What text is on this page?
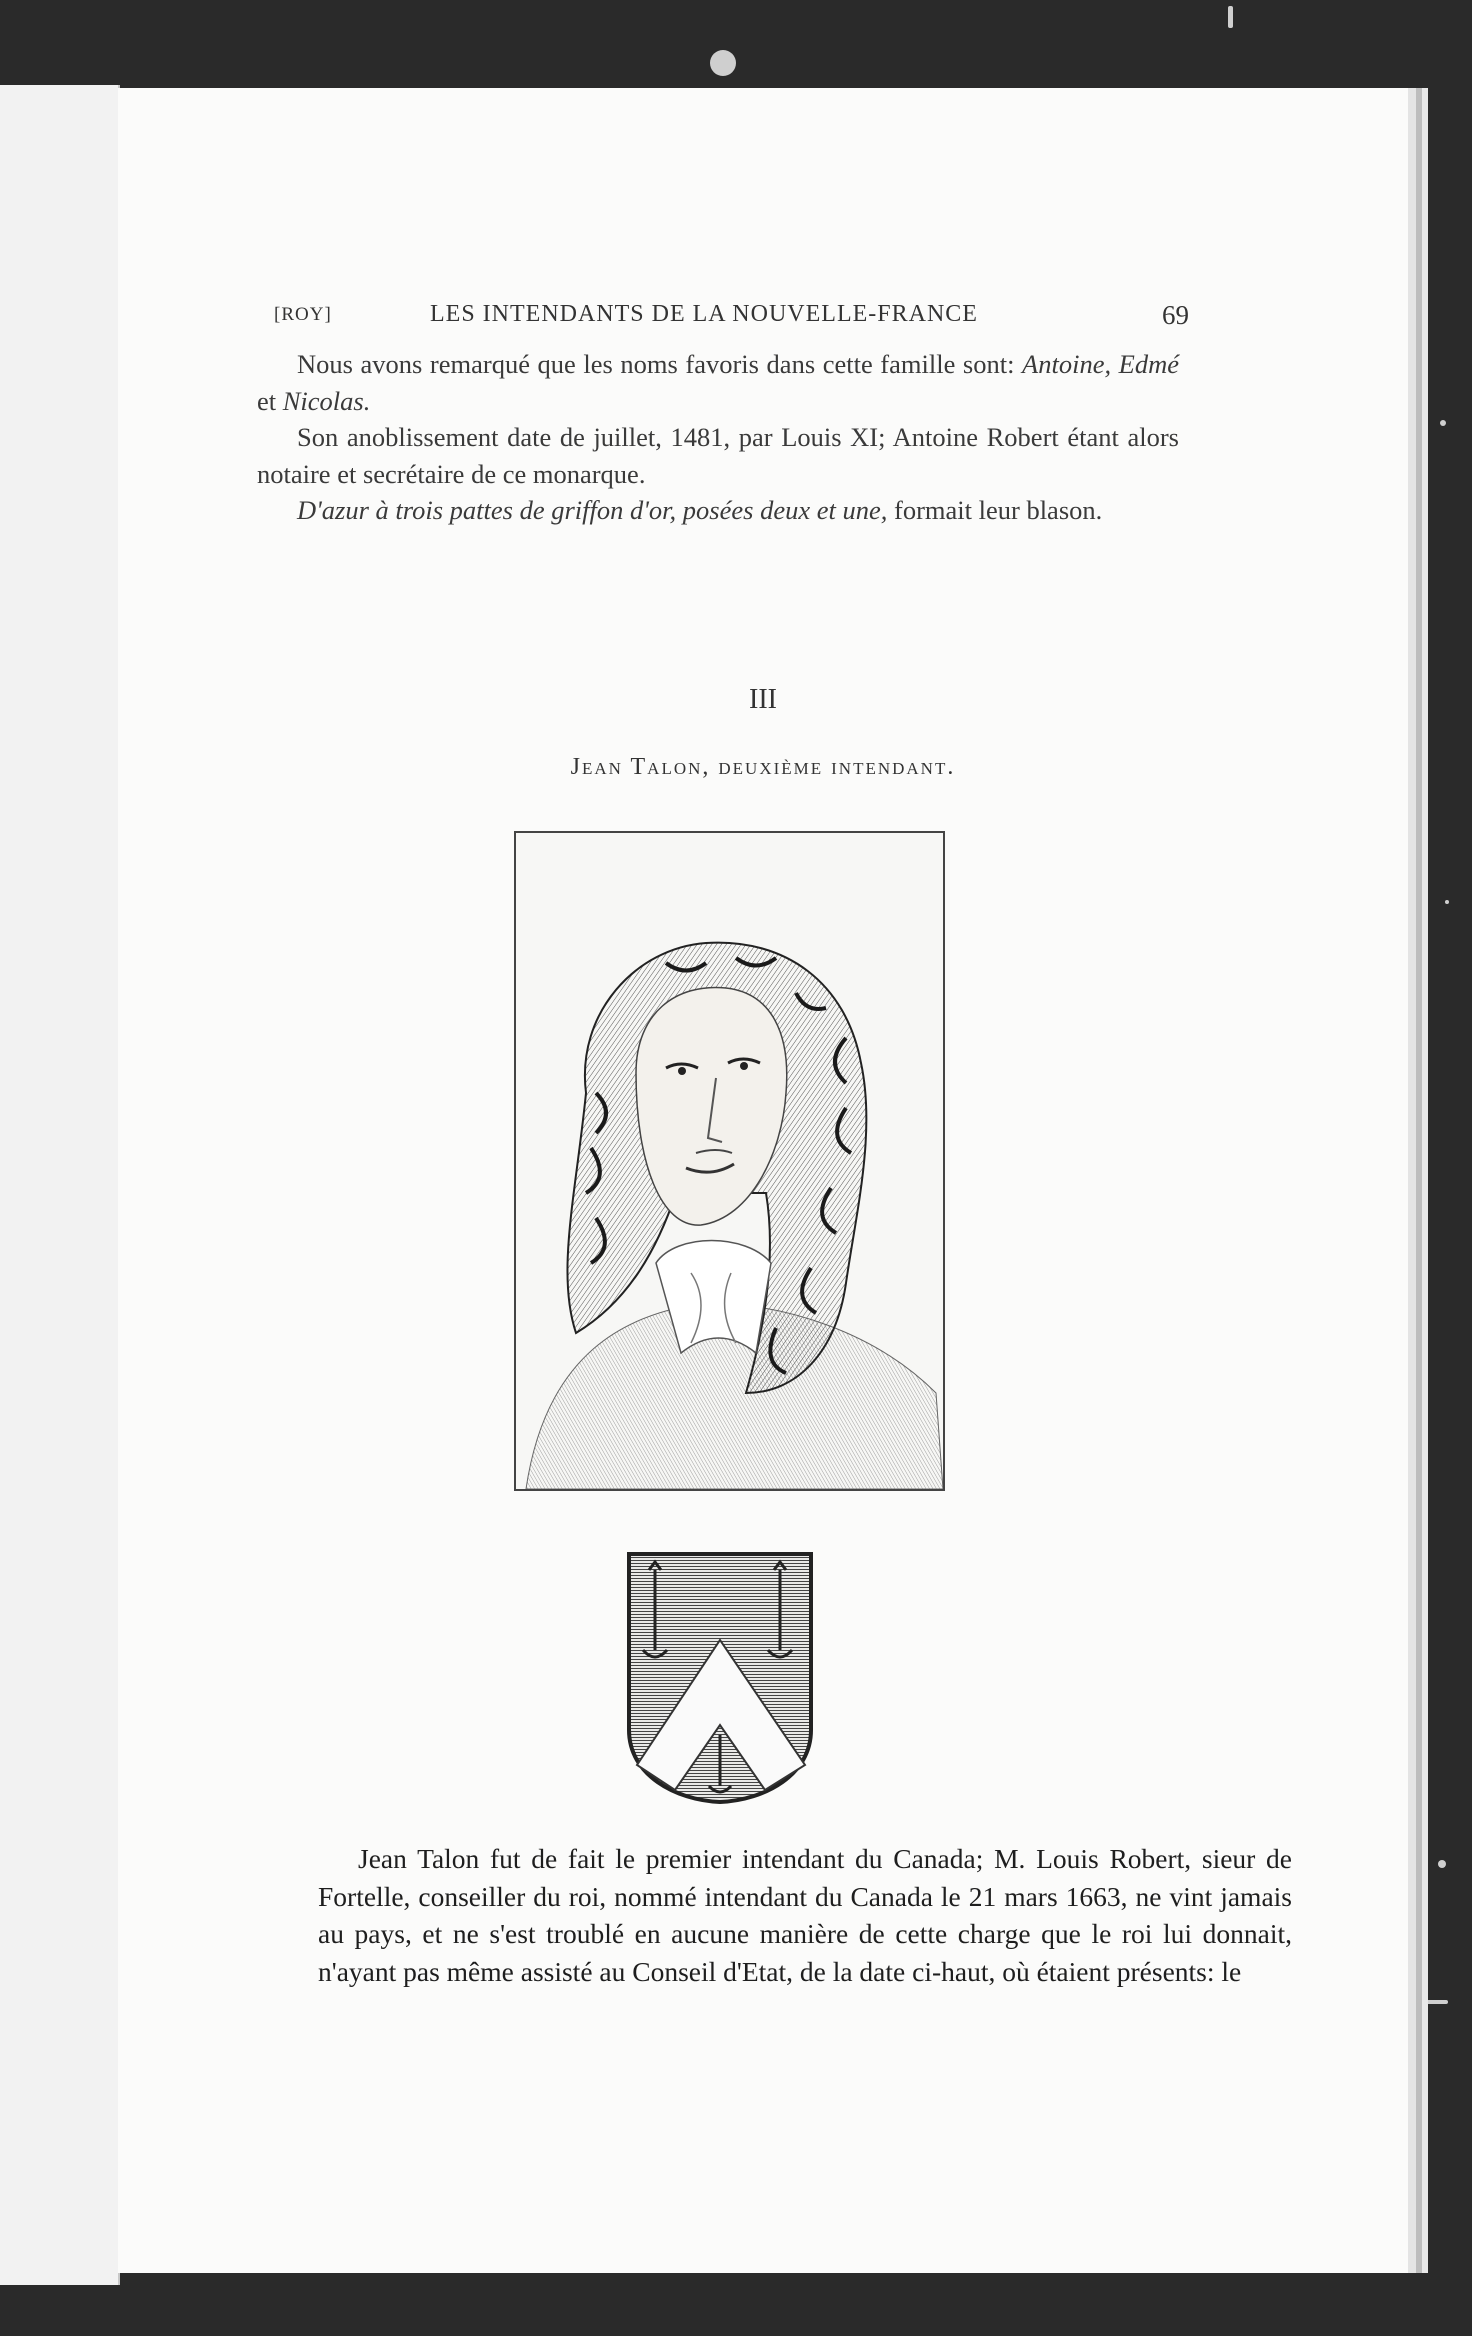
[ROY]	LES INTENDANTS DE LA NOUVELLE-FRANCE	69

Nous avons remarqué que les noms favoris dans cette famille sont: Antoine, Edmé et Nicolas.

Son anoblissement date de juillet, 1481, par Louis XI; Antoine Robert étant alors notaire et secrétaire de ce monarque.

D'azur à trois pattes de griffon d'or, posées deux et une, formait leur blason.

III
Jean Talon, deuxième intendant.

Jean Talon fut de fait le premier intendant du Canada; M. Louis Robert, sieur de Fortelle, conseiller du roi, nommé intendant du Canada le 21 mars 1663, ne vint jamais au pays, et ne s'est troublé en aucune manière de cette charge que le roi lui donnait, n'ayant pas même assisté au Conseil d'Etat, de la date ci-haut, où étaient présents: le
